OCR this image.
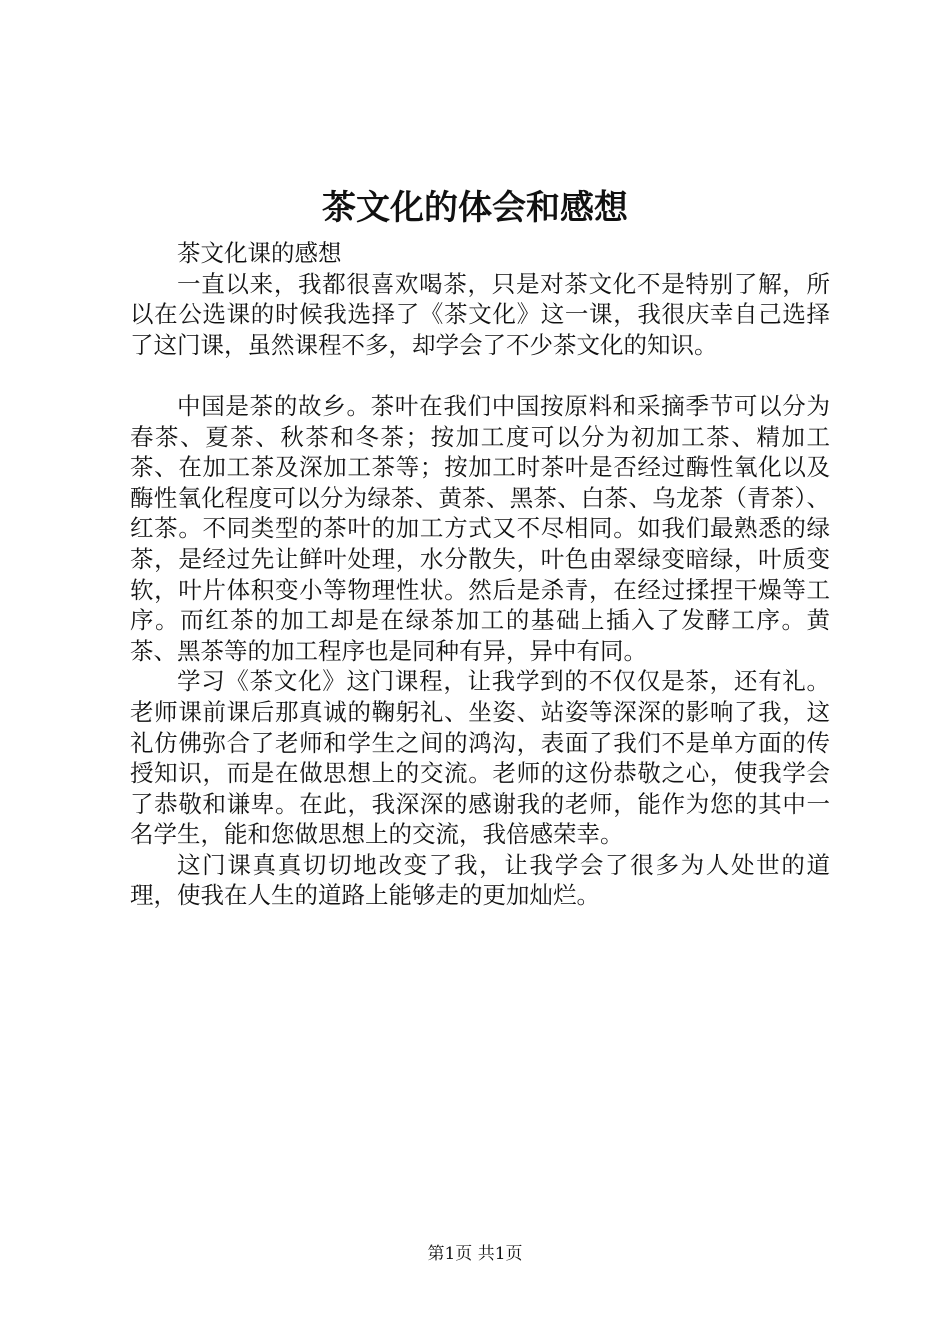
茶文化的体会和感想

茶文化课的感想

一直以来，我都很喜欢喝茶，只是对茶文化不是特别了解，所以在公选课的时候我选择了《茶文化》这一课，我很庆幸自己选择了这门课，虽然课程不多，却学会了不少茶文化的知识。

中国是茶的故乡。茶叶在我们中国按原料和采摘季节可以分为春茶、夏茶、秋茶和冬茶；按加工度可以分为初加工茶、精加工茶、在加工茶及深加工茶等；按加工时茶叶是否经过酶性氧化以及酶性氧化程度可以分为绿茶、黄茶、黑茶、白茶、乌龙茶（青茶）、红茶。不同类型的茶叶的加工方式又不尽相同。如我们最熟悉的绿茶，是经过先让鲜叶处理，水分散失，叶色由翠绿变暗绿，叶质变软，叶片体积变小等物理性状。然后是杀青，在经过揉捏干燥等工序。而红茶的加工却是在绿茶加工的基础上插入了发酵工序。黄茶、黑茶等的加工程序也是同种有异，异中有同。

学习《茶文化》这门课程，让我学到的不仅仅是茶，还有礼。老师课前课后那真诚的鞠躬礼、坐姿、站姿等深深的影响了我，这礼仿佛弥合了老师和学生之间的鸿沟，表面了我们不是单方面的传授知识，而是在做思想上的交流。老师的这份恭敬之心，使我学会了恭敬和谦卑。在此，我深深的感谢我的老师，能作为您的其中一名学生，能和您做思想上的交流，我倍感荣幸。

这门课真真切切地改变了我，让我学会了很多为人处世的道理，使我在人生的道路上能够走的更加灿烂。

第1页 共1页
